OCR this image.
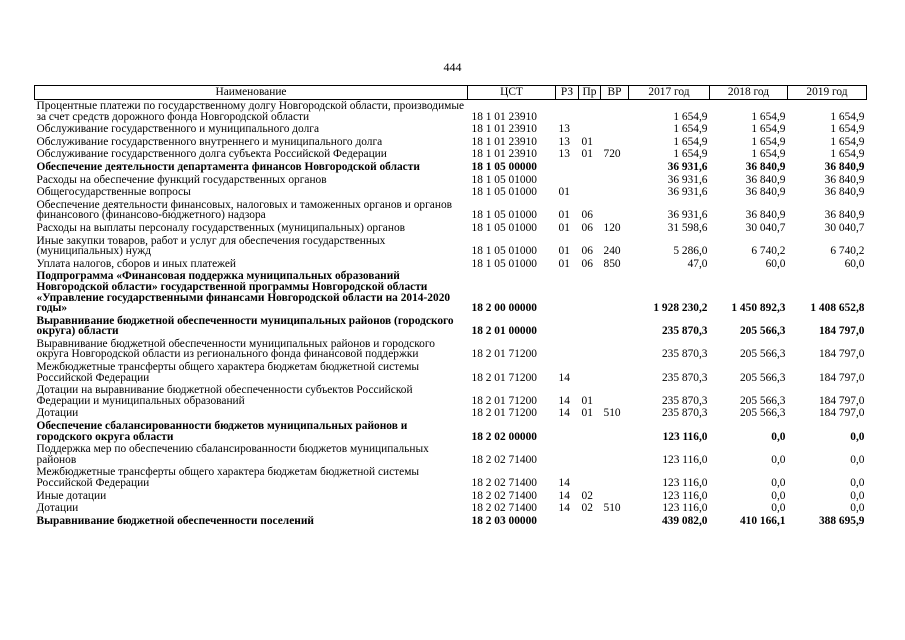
444
Наименование	ЦСТ	РЗ	Пр	ВР	2017 год	2018 год	2019 год
Процентные платежи по государственному долгу Новгородской области, производимые за счет средств дорожного фонда Новгородской области	18 1 01 23910				1 654,9	1 654,9	1 654,9
Обслуживание государственного и муниципального долга	18 1 01 23910	13			1 654,9	1 654,9	1 654,9
Обслуживание государственного внутреннего и муниципального долга	18 1 01 23910	13	01		1 654,9	1 654,9	1 654,9
Обслуживание государственного долга субъекта Российской Федерации	18 1 01 23910	13	01	720	1 654,9	1 654,9	1 654,9
Обеспечение деятельности департамента финансов Новгородской области	18 1 05 00000				36 931,6	36 840,9	36 840,9
Расходы на обеспечение функций государственных органов	18 1 05 01000				36 931,6	36 840,9	36 840,9
Общегосударственные вопросы	18 1 05 01000	01			36 931,6	36 840,9	36 840,9
Обеспечение деятельности финансовых, налоговых и таможенных органов и органов финансового (финансово-бюджетного) надзора	18 1 05 01000	01	06		36 931,6	36 840,9	36 840,9
Расходы на выплаты персоналу государственных (муниципальных) органов	18 1 05 01000	01	06	120	31 598,6	30 040,7	30 040,7
Иные закупки товаров, работ и услуг для обеспечения государственных (муниципальных) нужд	18 1 05 01000	01	06	240	5 286,0	6 740,2	6 740,2
Уплата налогов, сборов и иных платежей	18 1 05 01000	01	06	850	47,0	60,0	60,0
Подпрограмма «Финансовая поддержка муниципальных образований Новгородской области» государственной программы Новгородской области «Управление государственными финансами Новгородской области на 2014-2020 годы»	18 2 00 00000				1 928 230,2	1 450 892,3	1 408 652,8
Выравнивание бюджетной обеспеченности муниципальных районов (городского округа) области	18 2 01 00000				235 870,3	205 566,3	184 797,0
Выравнивание бюджетной обеспеченности муниципальных районов и городского округа Новгородской области из регионального фонда финансовой поддержки	18 2 01 71200				235 870,3	205 566,3	184 797,0
Межбюджетные трансферты общего характера бюджетам бюджетной системы Российской Федерации	18 2 01 71200	14			235 870,3	205 566,3	184 797,0
Дотации на выравнивание бюджетной обеспеченности субъектов Российской Федерации и муниципальных образований	18 2 01 71200	14	01		235 870,3	205 566,3	184 797,0
Дотации	18 2 01 71200	14	01	510	235 870,3	205 566,3	184 797,0
Обеспечение сбалансированности бюджетов муниципальных районов и городского округа области	18 2 02 00000				123 116,0	0,0	0,0
Поддержка мер по обеспечению сбалансированности бюджетов муниципальных районов	18 2 02 71400				123 116,0	0,0	0,0
Межбюджетные трансферты общего характера бюджетам бюджетной системы Российской Федерации	18 2 02 71400	14			123 116,0	0,0	0,0
Иные дотации	18 2 02 71400	14	02		123 116,0	0,0	0,0
Дотации	18 2 02 71400	14	02	510	123 116,0	0,0	0,0
Выравнивание бюджетной обеспеченности поселений	18 2 03 00000				439 082,0	410 166,1	388 695,9
